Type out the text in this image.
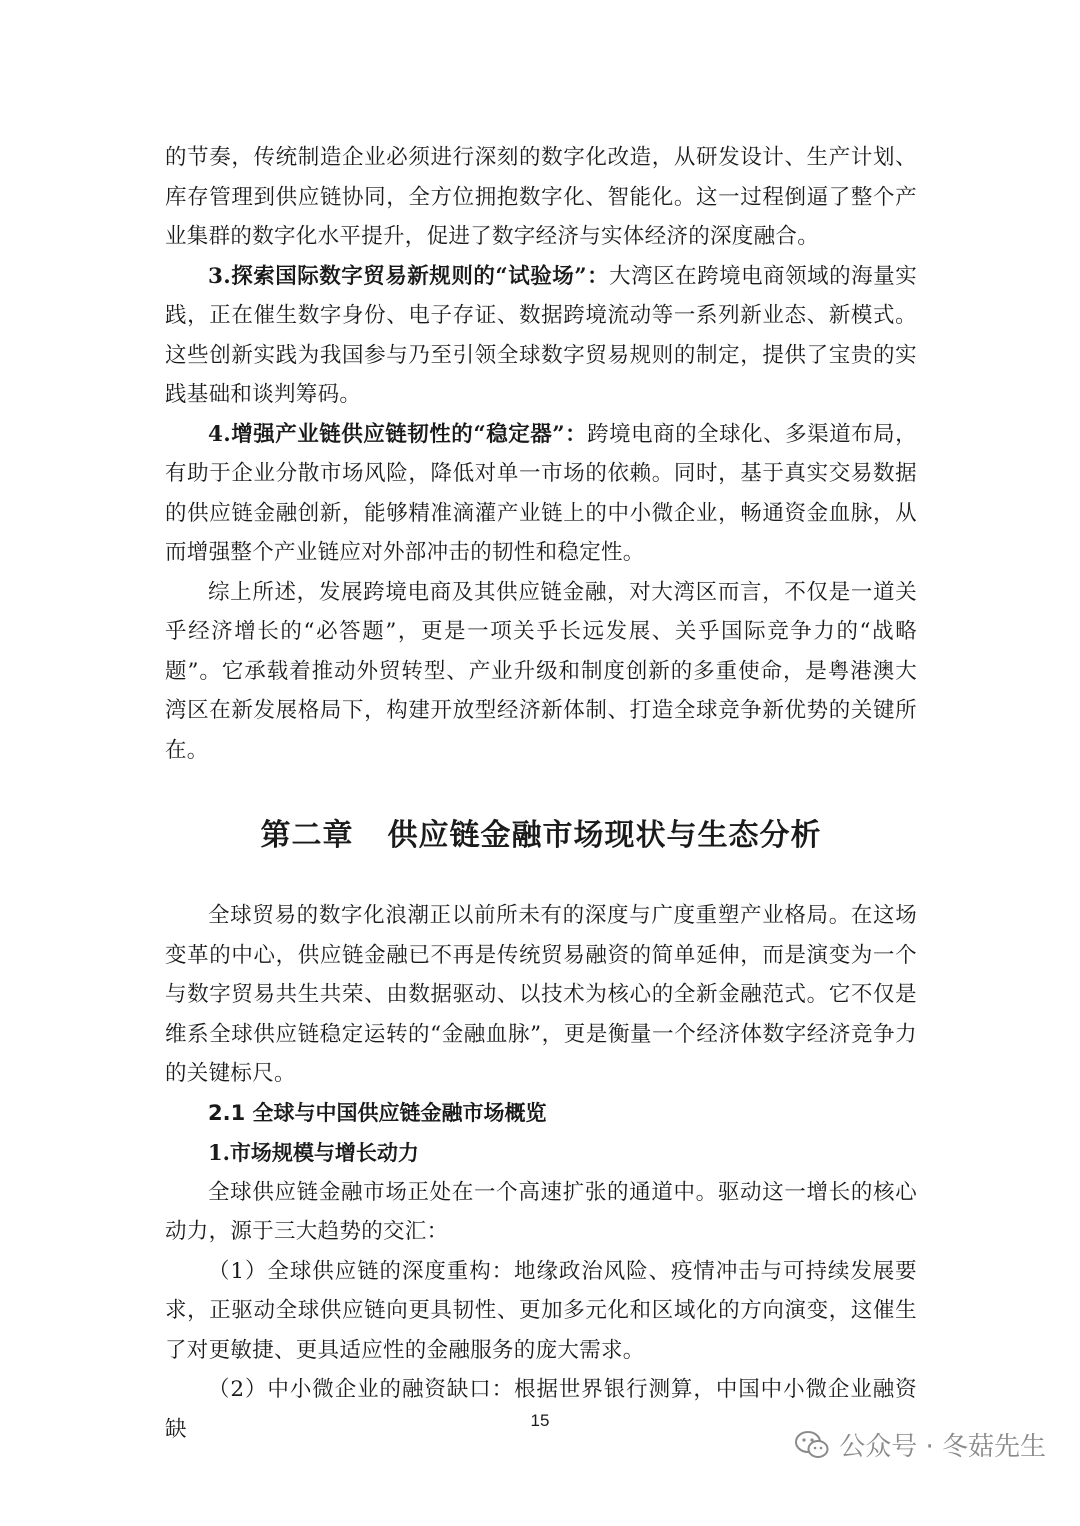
的节奏，传统制造企业必须进行深刻的数字化改造，从研发设计、生产计划、库存管理到供应链协同，全方位拥抱数字化、智能化。这一过程倒逼了整个产业集群的数字化水平提升，促进了数字经济与实体经济的深度融合。

3.探索国际数字贸易新规则的“试验场”：大湾区在跨境电商领域的海量实践，正在催生数字身份、电子存证、数据跨境流动等一系列新业态、新模式。这些创新实践为我国参与乃至引领全球数字贸易规则的制定，提供了宝贵的实践基础和谈判筹码。

4.增强产业链供应链韧性的“稳定器”：跨境电商的全球化、多渠道布局，有助于企业分散市场风险，降低对单一市场的依赖。同时，基于真实交易数据的供应链金融创新，能够精准滴灌产业链上的中小微企业，畅通资金血脉，从而增强整个产业链应对外部冲击的韧性和稳定性。

综上所述，发展跨境电商及其供应链金融，对大湾区而言，不仅是一道关乎经济增长的“必答题”，更是一项关乎长远发展、关乎国际竞争力的“战略题”。它承载着推动外贸转型、产业升级和制度创新的多重使命，是粤港澳大湾区在新发展格局下，构建开放型经济新体制、打造全球竞争新优势的关键所在。

第二章 供应链金融市场现状与生态分析

全球贸易的数字化浪潮正以前所未有的深度与广度重塑产业格局。在这场变革的中心，供应链金融已不再是传统贸易融资的简单延伸，而是演变为一个与数字贸易共生共荣、由数据驱动、以技术为核心的全新金融范式。它不仅是维系全球供应链稳定运转的“金融血脉”，更是衡量一个经济体数字经济竞争力的关键标尺。

2.1 全球与中国供应链金融市场概览

1.市场规模与增长动力

全球供应链金融市场正处在一个高速扩张的通道中。驱动这一增长的核心动力，源于三大趋势的交汇：

（1）全球供应链的深度重构：地缘政治风险、疫情冲击与可持续发展要求，正驱动全球供应链向更具韧性、更加多元化和区域化的方向演变，这催生了对更敏捷、更具适应性的金融服务的庞大需求。

（2）中小微企业的融资缺口：根据世界银行测算，中国中小微企业融资缺	15
公众号 · 冬菇先生
